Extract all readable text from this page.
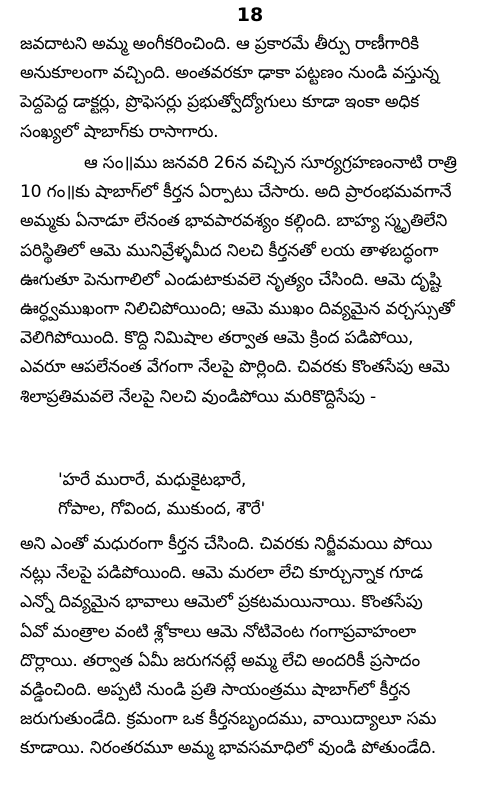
18
జవదాటని అమ్మ అంగీకరించింది. ఆ ప్రకారమే తీర్పు రాణీగారికి
అనుకూలంగా వచ్చింది. అంతవరకూ ఢాకా పట్టణం నుండి వస్తున్న
పెద్దపెద్ద డాక్టర్లు, ప్రొఫెసర్లు ప్రభుత్వోద్యోగులు కూడా ఇంకా అధిక
సంఖ్యలో షాబాగ్‌కు రాసాగారు.
ఆ సం॥ము జనవరి 26న వచ్చిన సూర్యగ్రహణంనాటి రాత్రి
10 గం॥కు షాబాగ్‌లో కీర్తన ఏర్పాటు చేసారు. అది ప్రారంభమవగానే
అమ్మకు ఏనాడూ లేనంత భావపారవశ్యం కల్గింది. బాహ్య స్మృతిలేని
పరిస్థితిలో ఆమె మునివ్రేళ్ళమీద నిలచి కీర్తనతో లయ తాళబద్ధంగా
ఊగుతూ పెనుగాలిలో ఎండుటాకువలె నృత్యం చేసింది. ఆమె దృష్టి
ఊర్ధ్వముఖంగా నిలిచిపోయింది; ఆమె ముఖం దివ్యమైన వర్చస్సుతో
వెలిగిపోయింది. కొద్ది నిమిషాల తర్వాత ఆమె క్రింద పడిపోయి,
ఎవరూ ఆపలేనంత వేగంగా నేలపై పొర్లింది. చివరకు కొంతసేపు ఆమె
శిలాప్రతిమవలె నేలపై నిలచి వుండిపోయి మరికొద్దిసేపు -
'హరే మురారే, మధుకైటభారే,
గోపాల, గోవింద, ముకుంద, శౌరే'
అని ఎంతో మధురంగా కీర్తన చేసింది. చివరకు నిర్జీవమయి పోయి
నట్లు నేలపై పడిపోయింది. ఆమె మరలా లేచి కూర్చున్నాక గూడ
ఎన్నో దివ్యమైన భావాలు ఆమెలో ప్రకటమయినాయి. కొంతసేపు
ఏవో మంత్రాల వంటి శ్లోకాలు ఆమె నోటివెంట గంగాప్రవాహంలా
దొర్లాయి. తర్వాత ఏమీ జరుగనట్లే అమ్మ లేచి అందరికీ ప్రసాదం
వడ్డించింది. అప్పటి నుండి ప్రతి సాయంత్రము షాబాగ్‌లో కీర్తన
జరుగుతుండేది. క్రమంగా ఒక కీర్తనబృందము, వాయిద్యాలూ సమ
కూడాయి. నిరంతరమూ అమ్మ భావసమాధిలో వుండి పోతుండేది.
